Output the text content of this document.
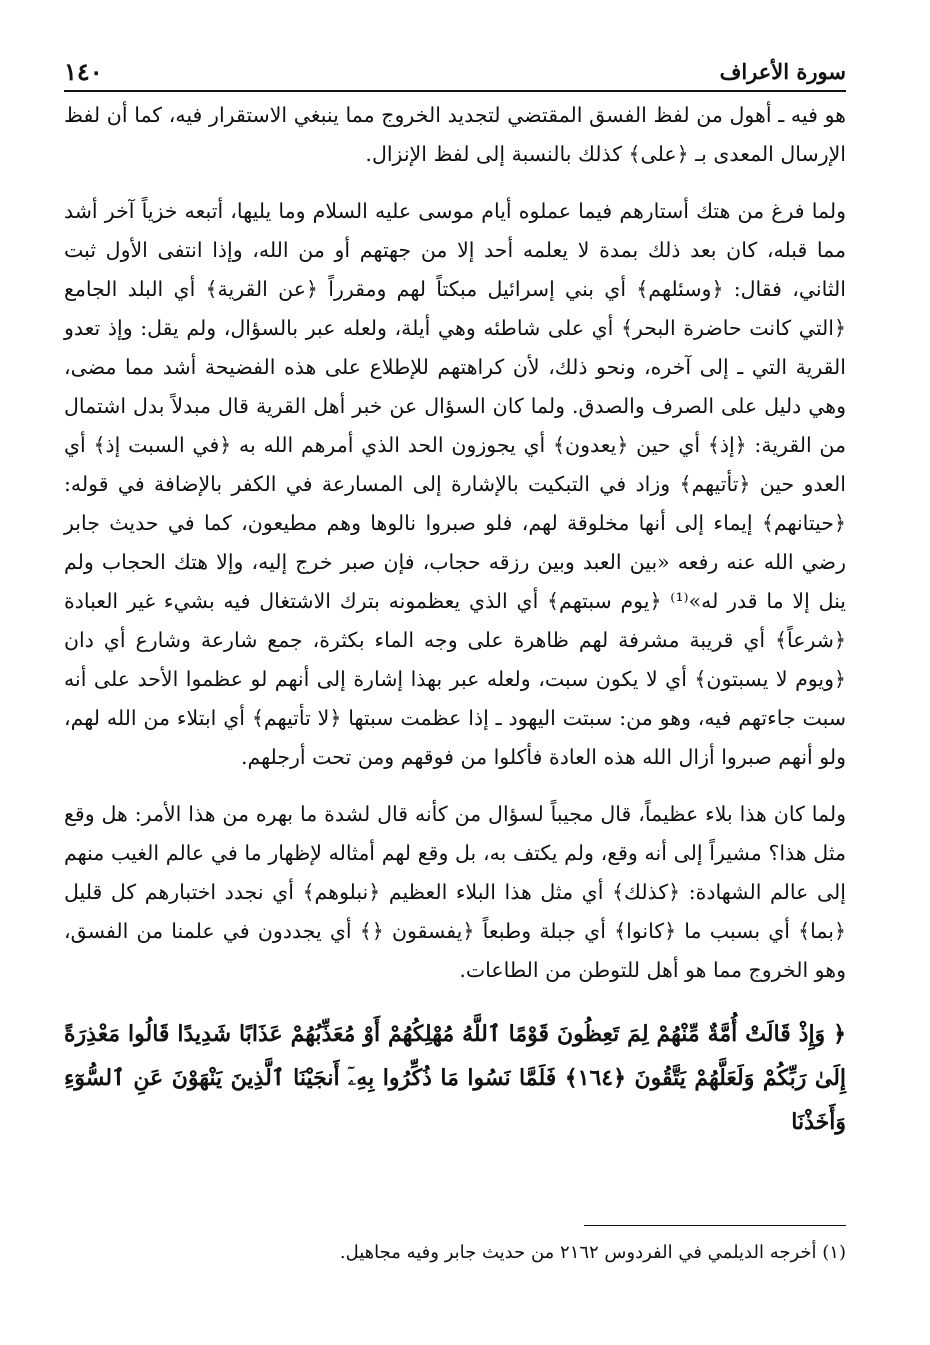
١٤٠	سورة الأعراف

هو فيه ـ أهول من لفظ الفسق المقتضي لتجديد الخروج مما ينبغي الاستقرار فيه، كما أن لفظ الإرسال المعدى بـ ﴿على﴾ كذلك بالنسبة إلى لفظ الإنزال.

ولما فرغ من هتك أستارهم فيما عملوه أيام موسى عليه السلام وما يليها، أتبعه خزياً آخر أشد مما قبله، كان بعد ذلك بمدة لا يعلمه أحد إلا من جهتهم أو من الله، وإذا انتفى الأول ثبت الثاني، فقال: ﴿وسئلهم﴾ أي بني إسرائيل مبكتاً لهم ومقرراً ﴿عن القرية﴾ أي البلد الجامع ﴿التي كانت حاضرة البحر﴾ أي على شاطئه وهي أيلة، ولعله عبر بالسؤال، ولم يقل: وإذ تعدو القرية التي ـ إلى آخره، ونحو ذلك، لأن كراهتهم للإطلاع على هذه الفضيحة أشد مما مضى، وهي دليل على الصرف والصدق. ولما كان السؤال عن خبر أهل القرية قال مبدلاً بدل اشتمال من القرية: ﴿إذ﴾ أي حين ﴿يعدون﴾ أي يجوزون الحد الذي أمرهم الله به ﴿في السبت إذ﴾ أي العدو حين ﴿تأتيهم﴾ وزاد في التبكيت بالإشارة إلى المسارعة في الكفر بالإضافة في قوله: ﴿حيتانهم﴾ إيماء إلى أنها مخلوقة لهم، فلو صبروا نالوها وهم مطيعون، كما في حديث جابر رضي الله عنه رفعه «بين العبد وبين رزقه حجاب، فإن صبر خرج إليه، وإلا هتك الحجاب ولم ينل إلا ما قدر له»⁽¹⁾ ﴿يوم سبتهم﴾ أي الذي يعظمونه بترك الاشتغال فيه بشيء غير العبادة ﴿شرعاً﴾ أي قريبة مشرفة لهم ظاهرة على وجه الماء بكثرة، جمع شارعة وشارع أي دان ﴿ويوم لا يسبتون﴾ أي لا يكون سبت، ولعله عبر بهذا إشارة إلى أنهم لو عظموا الأحد على أنه سبت جاءتهم فيه، وهو من: سبتت اليهود ـ إذا عظمت سبتها ﴿لا تأتيهم﴾ أي ابتلاء من الله لهم، ولو أنهم صبروا أزال الله هذه العادة فأكلوا من فوقهم ومن تحت أرجلهم.

ولما كان هذا بلاء عظيماً، قال مجيباً لسؤال من كأنه قال لشدة ما بهره من هذا الأمر: هل وقع مثل هذا؟ مشيراً إلى أنه وقع، ولم يكتف به، بل وقع لهم أمثاله لإظهار ما في عالم الغيب منهم إلى عالم الشهادة: ﴿كذلك﴾ أي مثل هذا البلاء العظيم ﴿نبلوهم﴾ أي نجدد اختبارهم كل قليل ﴿بما﴾ أي بسبب ما ﴿كانوا﴾ أي جبلة وطبعاً ﴿يفسقون ﴿﴾ أي يجددون في علمنا من الفسق، وهو الخروج مما هو أهل للتوطن من الطاعات.

﴿ وَإِذْ قَالَتْ أُمَّةٌ مِّنْهُمْ لِمَ تَعِظُونَ قَوْمًا ٱللَّهُ مُهْلِكُهُمْ أَوْ مُعَذِّبُهُمْ عَذَابًا شَدِيدًا قَالُوا مَعْذِرَةً إِلَىٰ رَبِّكُمْ وَلَعَلَّهُمْ يَتَّقُونَ ﴿١٦٤﴾ فَلَمَّا نَسُوا مَا ذُكِّرُوا بِهِۦٓ أَنجَيْنَا ٱلَّذِينَ يَنْهَوْنَ عَنِ ٱلسُّوٓءِ وَأَخَذْنَا

(١) أخرجه الديلمي في الفردوس ٢١٦٢ من حديث جابر وفيه مجاهيل.
